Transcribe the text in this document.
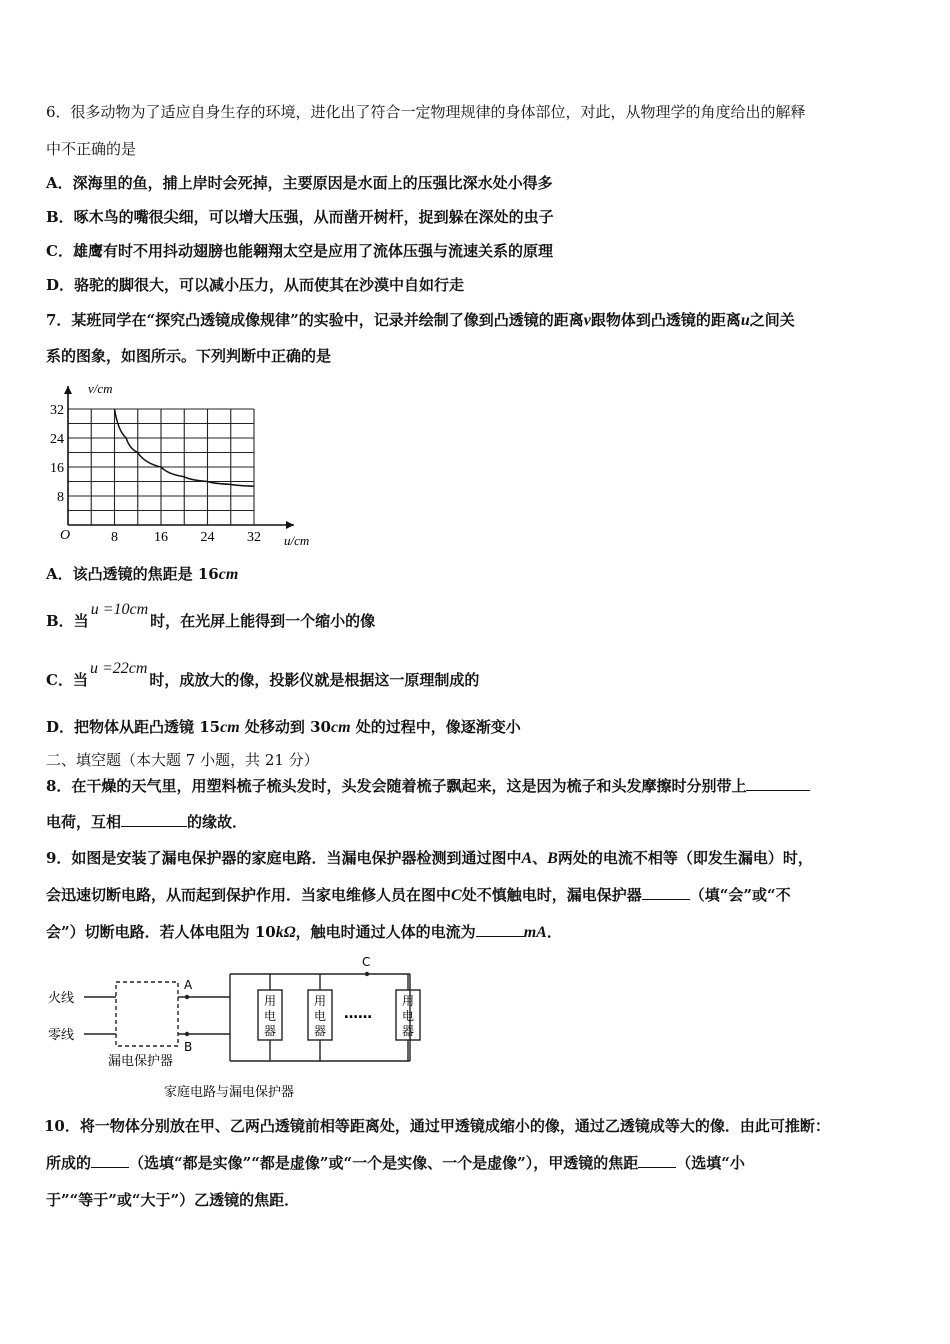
6．很多动物为了适应自身生存的环境，进化出了符合一定物理规律的身体部位，对此，从物理学的角度给出的解释
中不正确的是
A．深海里的鱼，捕上岸时会死掉，主要原因是水面上的压强比深水处小得多
B．啄木鸟的嘴很尖细，可以增大压强，从而凿开树杆，捉到躲在深处的虫子
C．雄鹰有时不用抖动翅膀也能翱翔太空是应用了流体压强与流速关系的原理
D．骆驼的脚很大，可以减小压力，从而使其在沙漠中自如行走
7．某班同学在“探究凸透镜成像规律”的实验中，记录并绘制了像到凸透镜的距离v跟物体到凸透镜的距离u之间关
系的图象，如图所示。下列判断中正确的是
8	16 24 32
32
24
16
8
v/cm
u/cm
O
A．该凸透镜的焦距是 16cm
B．当u =10cm时，在光屏上能得到一个缩小的像
C．当u =22cm时，成放大的像，投影仪就是根据这一原理制成的
D．把物体从距凸透镜 15cm 处移动到 30cm 处的过程中，像逐渐变小
二、填空题（本大题 7 小题，共 21 分）
8．在干燥的天气里，用塑料梳子梳头发时，头发会随着梳子飘起来，这是因为梳子和头发摩擦时分别带上
电荷，互相	的缘故．
9．如图是安装了漏电保护器的家庭电路．当漏电保护器检测到通过图中A、B两处的电流不相等（即发生漏电）时，
会迅速切断电路，从而起到保护作用．当家电维修人员在图中C处不慎触电时，漏电保护器	（填“会”或“不
会”）切断电路．若人体电阻为 10kΩ，触电时通过人体的电流为	mA．
火线
零线
A
B
C
漏电保护器
用
电
器
用
电
器
用
电
器
……
家庭电路与漏电保护器
10．将一物体分别放在甲、乙两凸透镜前相等距离处，通过甲透镜成缩小的像，通过乙透镜成等大的像．由此可推断：
所成的	（选填“都是实像”“都是虚像”或“一个是实像、一个是虚像”），甲透镜的焦距	（选填“小
于”“等于”或“大于”）乙透镜的焦距．
